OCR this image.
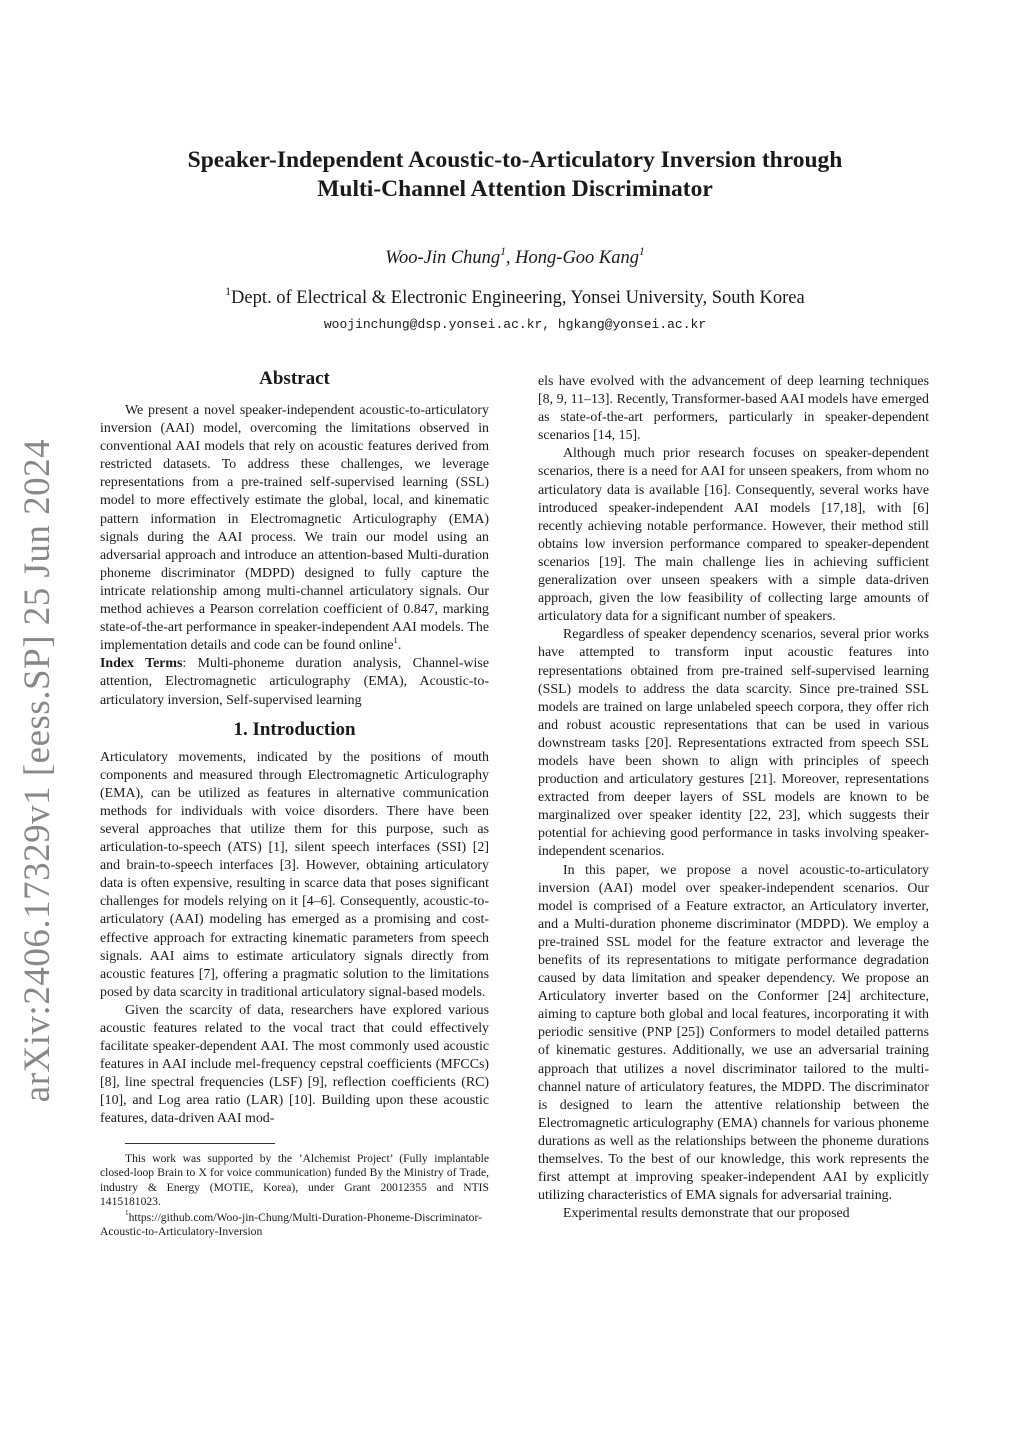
arXiv:2406.17329v1 [eess.SP] 25 Jun 2024
Speaker-Independent Acoustic-to-Articulatory Inversion through
Multi-Channel Attention Discriminator
Woo-Jin Chung$^1$, Hong-Goo Kang$^1$
$^1$Dept. of Electrical & Electronic Engineering, Yonsei University, South Korea
woojinchung@dsp.yonsei.ac.kr, hgkang@yonsei.ac.kr
Abstract

We present a novel speaker-independent acoustic-to-articulatory inversion (AAI) model, overcoming the limitations observed in conventional AAI models that rely on acoustic features derived from restricted datasets. To address these challenges, we leverage representations from a pre-trained self-supervised learning (SSL) model to more effectively estimate the global, local, and kinematic pattern information in Electromagnetic Articulography (EMA) signals during the AAI process. We train our model using an adversarial approach and introduce an attention-based Multi-duration phoneme discriminator (MDPD) designed to fully capture the intricate relationship among multi-channel articulatory signals. Our method achieves a Pearson correlation coefficient of 0.847, marking state-of-the-art performance in speaker-independent AAI models. The implementation details and code can be found online$^1$.

Index Terms: Multi-phoneme duration analysis, Channel-wise attention, Electromagnetic articulography (EMA), Acoustic-to-articulatory inversion, Self-supervised learning

1. Introduction

Articulatory movements, indicated by the positions of mouth components and measured through Electromagnetic Articulography (EMA), can be utilized as features in alternative communication methods for individuals with voice disorders. There have been several approaches that utilize them for this purpose, such as articulation-to-speech (ATS) [1], silent speech interfaces (SSI) [2] and brain-to-speech interfaces [3]. However, obtaining articulatory data is often expensive, resulting in scarce data that poses significant challenges for models relying on it [4–6]. Consequently, acoustic-to-articulatory (AAI) modeling has emerged as a promising and cost-effective approach for extracting kinematic parameters from speech signals. AAI aims to estimate articulatory signals directly from acoustic features [7], offering a pragmatic solution to the limitations posed by data scarcity in traditional articulatory signal-based models.

Given the scarcity of data, researchers have explored various acoustic features related to the vocal tract that could effectively facilitate speaker-dependent AAI. The most commonly used acoustic features in AAI include mel-frequency cepstral coefficients (MFCCs) [8], line spectral frequencies (LSF) [9], reflection coefficients (RC) [10], and Log area ratio (LAR) [10]. Building upon these acoustic features, data-driven AAI mod-

This work was supported by the ’Alchemist Project’ (Fully implantable closed-loop Brain to X for voice communication) funded By the Ministry of Trade, industry & Energy (MOTIE, Korea), under Grant 20012355 and NTIS 1415181023.

$^1$https://github.com/Woo-jin-Chung/Multi-Duration-Phoneme-Discriminator-Acoustic-to-Articulatory-Inversion

els have evolved with the advancement of deep learning techniques [8, 9, 11–13]. Recently, Transformer-based AAI models have emerged as state-of-the-art performers, particularly in speaker-dependent scenarios [14, 15].

Although much prior research focuses on speaker-dependent scenarios, there is a need for AAI for unseen speakers, from whom no articulatory data is available [16]. Consequently, several works have introduced speaker-independent AAI models [17,18], with [6] recently achieving notable performance. However, their method still obtains low inversion performance compared to speaker-dependent scenarios [19]. The main challenge lies in achieving sufficient generalization over unseen speakers with a simple data-driven approach, given the low feasibility of collecting large amounts of articulatory data for a significant number of speakers.

Regardless of speaker dependency scenarios, several prior works have attempted to transform input acoustic features into representations obtained from pre-trained self-supervised learning (SSL) models to address the data scarcity. Since pre-trained SSL models are trained on large unlabeled speech corpora, they offer rich and robust acoustic representations that can be used in various downstream tasks [20]. Representations extracted from speech SSL models have been shown to align with principles of speech production and articulatory gestures [21]. Moreover, representations extracted from deeper layers of SSL models are known to be marginalized over speaker identity [22, 23], which suggests their potential for achieving good performance in tasks involving speaker-independent scenarios.

In this paper, we propose a novel acoustic-to-articulatory inversion (AAI) model over speaker-independent scenarios. Our model is comprised of a Feature extractor, an Articulatory inverter, and a Multi-duration phoneme discriminator (MDPD). We employ a pre-trained SSL model for the feature extractor and leverage the benefits of its representations to mitigate performance degradation caused by data limitation and speaker dependency. We propose an Articulatory inverter based on the Conformer [24] architecture, aiming to capture both global and local features, incorporating it with periodic sensitive (PNP [25]) Conformers to model detailed patterns of kinematic gestures. Additionally, we use an adversarial training approach that utilizes a novel discriminator tailored to the multi-channel nature of articulatory features, the MDPD. The discriminator is designed to learn the attentive relationship between the Electromagnetic articulography (EMA) channels for various phoneme durations as well as the relationships between the phoneme durations themselves. To the best of our knowledge, this work represents the first attempt at improving speaker-independent AAI by explicitly utilizing characteristics of EMA signals for adversarial training.

Experimental results demonstrate that our proposed
